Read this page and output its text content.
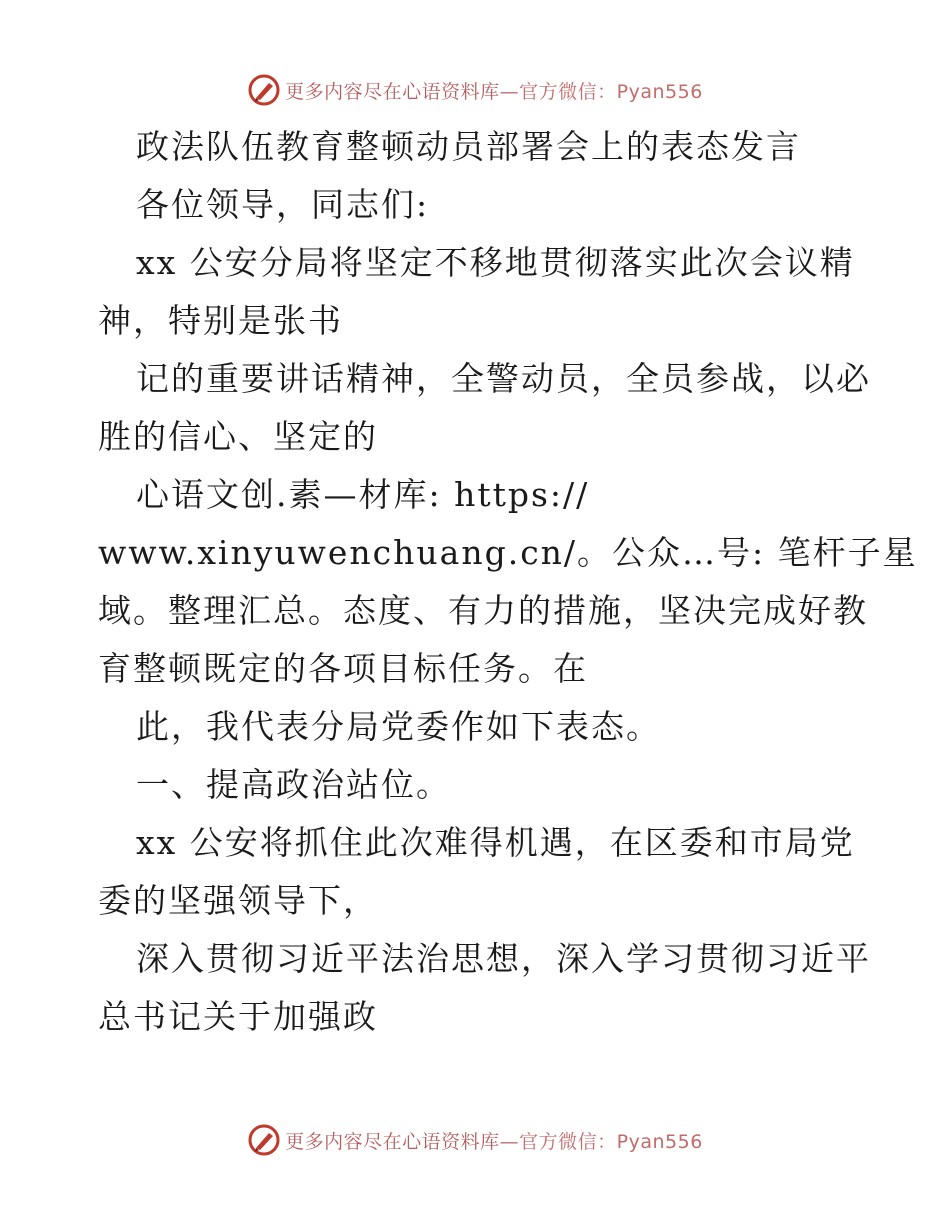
更多内容尽在心语资料库—官方微信：Pyan556
政法队伍教育整顿动员部署会上的表态发言
各位领导，同志们:
xx 公安分局将坚定不移地贯彻落实此次会议精
神，特别是张书
记的重要讲话精神，全警动员，全员参战，以必
胜的信心、坚定的
心语文创.素—材库: https://
www.xinyuwenchuang.cn/。公众…号: 笔杆子星
域。整理汇总。态度、有力的措施，坚决完成好教
育整顿既定的各项目标任务。在
此，我代表分局党委作如下表态。
一、提高政治站位。
xx 公安将抓住此次难得机遇，在区委和市局党
委的坚强领导下，
深入贯彻习近平法治思想，深入学习贯彻习近平
总书记关于加强政
更多内容尽在心语资料库—官方微信：Pyan556
